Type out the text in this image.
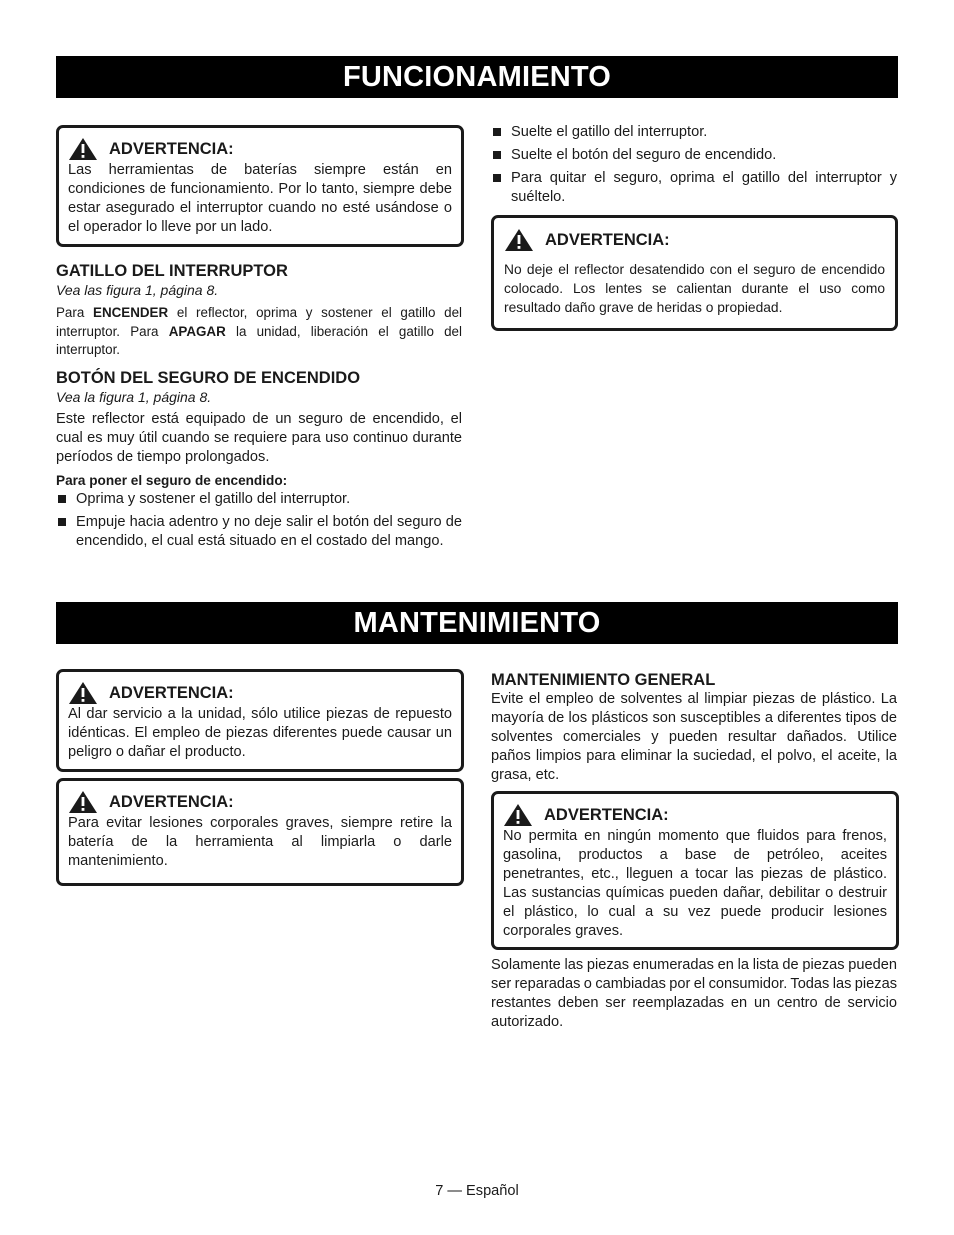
FUNCIONAMIENTO
ADVERTENCIA:
Las herramientas de baterías siempre están en condiciones de funcionamiento. Por lo tanto, siempre debe estar asegurado el interruptor cuando no esté usándose o el operador lo lleve por un lado.
GATILLO DEL INTERRUPTOR
Vea las figura 1, página 8.

Para ENCENDER el reflector, oprima y sostener el gatillo del interruptor. Para APAGAR la unidad, liberación el gatillo del interruptor.

BOTÓN DEL SEGURO DE ENCENDIDO
Vea la figura 1, página 8.

Este reflector está equipado de un seguro de encendido, el cual es muy útil cuando se requiere para uso continuo durante períodos de tiempo prolongados.

Para poner el seguro de encendido:
Oprima y sostener el gatillo del interruptor.
Empuje hacia adentro y no deje salir el botón del seguro de encendido, el cual está situado en el costado del mango.
Suelte el gatillo del interruptor.
Suelte el botón del seguro de encendido.
Para quitar el seguro, oprima el gatillo del interruptor y suéltelo.
ADVERTENCIA:
No deje el reflector desatendido con el seguro de encendido colocado. Los lentes se calientan durante el uso como resultado daño grave de heridas o propiedad.
MANTENIMIENTO
ADVERTENCIA:
Al dar servicio a la unidad, sólo utilice piezas de repuesto idénticas. El empleo de piezas diferentes puede causar un peligro o dañar el producto.
ADVERTENCIA:
Para evitar lesiones corporales graves, siempre retire la batería de la herramienta al limpiarla o darle mantenimiento.
MANTENIMIENTO GENERAL

Evite el empleo de solventes al limpiar piezas de plástico. La mayoría de los plásticos son susceptibles a diferentes tipos de solventes comerciales y pueden resultar dañados. Utilice paños limpios para eliminar la suciedad, el polvo, el aceite, la grasa, etc.

ADVERTENCIA:
No permita en ningún momento que fluidos para frenos, gasolina, productos a base de petróleo, aceites penetrantes, etc., lleguen a tocar las piezas de plástico. Las sustancias químicas pueden dañar, debilitar o destruir el plástico, lo cual a su vez puede producir lesiones corporales graves.

Solamente las piezas enumeradas en la lista de piezas pueden ser reparadas o cambiadas por el consumidor. Todas las piezas restantes deben ser reemplazadas en un centro de servicio autorizado.

7 — Español
